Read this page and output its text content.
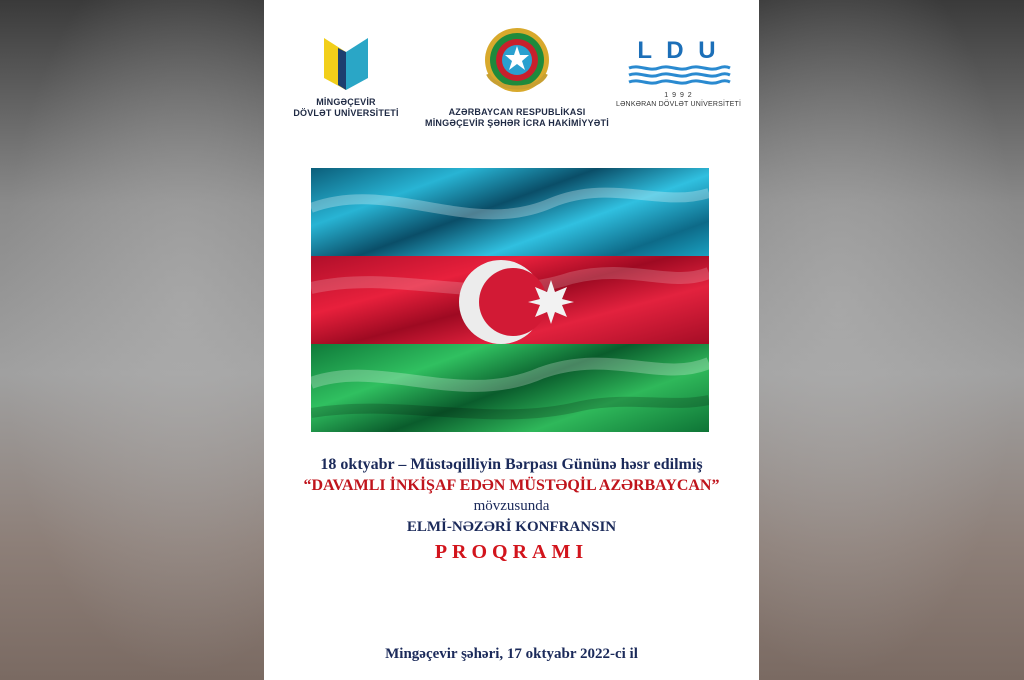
MİNGƏÇEVİR
DÖVLƏT UNİVERSİTETİ	AZƏRBAYCAN RESPUBLİKASI
MİNGƏÇEVİR ŞƏHƏR İCRA HAKİMİYYƏTİ
L D U
1 9 9 2
LƏNKƏRAN DÖVLƏT UNİVERSİTETİ
18 oktyabr – Müstəqilliyin Bərpası Gününə həsr edilmiş
“DAVAMLI İNKİŞAF EDƏN MÜSTƏQİL AZƏRBAYCAN”
mövzusunda
ELMİ-NƏZƏRİ KONFRANSIN
PROQRAMI
Mingəçevir şəhəri, 17 oktyabr 2022-ci il
